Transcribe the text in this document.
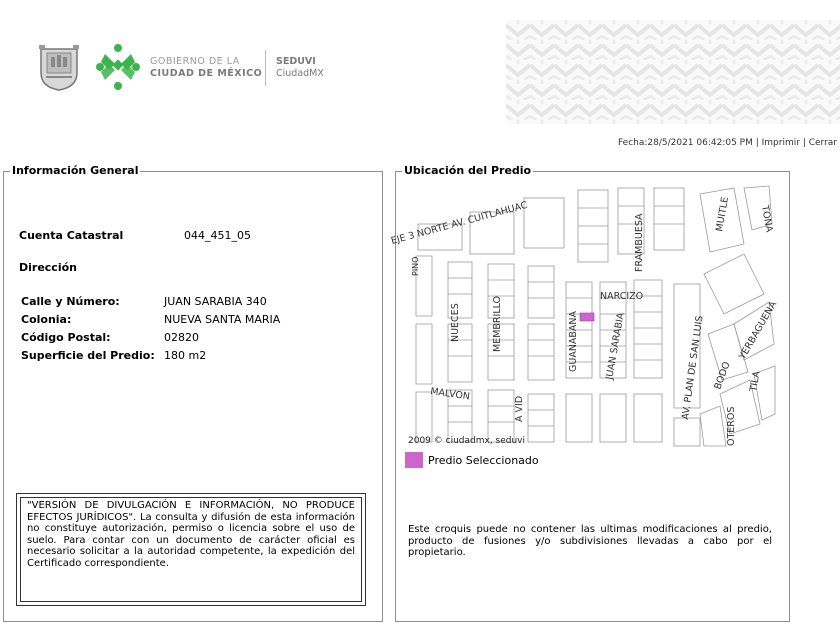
GOBIERNO DE LA
CIUDAD DE MÉXICO
SEDUVI
CiudadMX
Fecha:28/5/2021 06:42:05 PM | Imprimir | Cerrar
Información General
Cuenta Catastral	044_451_05
Dirección
Calle y Número:	JUAN SARABIA 340
Colonia:	NUEVA SANTA MARIA
Código Postal:	02820
Superficie del Predio: 180 m2
"VERSIÓN DE DIVULGACIÓN E INFORMACIÓN, NO PRODUCE EFECTOS JURÍDICOS". La consulta y difusión de esta información no constituye autorización, permiso o licencia sobre el uso de suelo. Para contar con un documento de carácter oficial es necesario solicitar a la autoridad competente, la expedición del Certificado correspondiente.
Ubicación del Predio
EJE 3 NORTE AV. CUITLAHUAC
PINO
NUECES	MEMBRILLO
FRAMBUESA
NARCIZO
GUANABANA	JUAN SARABIA	AV. PLAN DE SAN LUIS
MALVON
A VID	OTEROS
BODO
YERBAGUENA
TILA
MUITLE	TONA
2009 © ciudadmx, seduvi
Predio Seleccionado
Este croquis puede no contener las ultimas modificaciones al predio, producto de fusiones y/o subdivisiones llevadas a cabo por el propietario.
